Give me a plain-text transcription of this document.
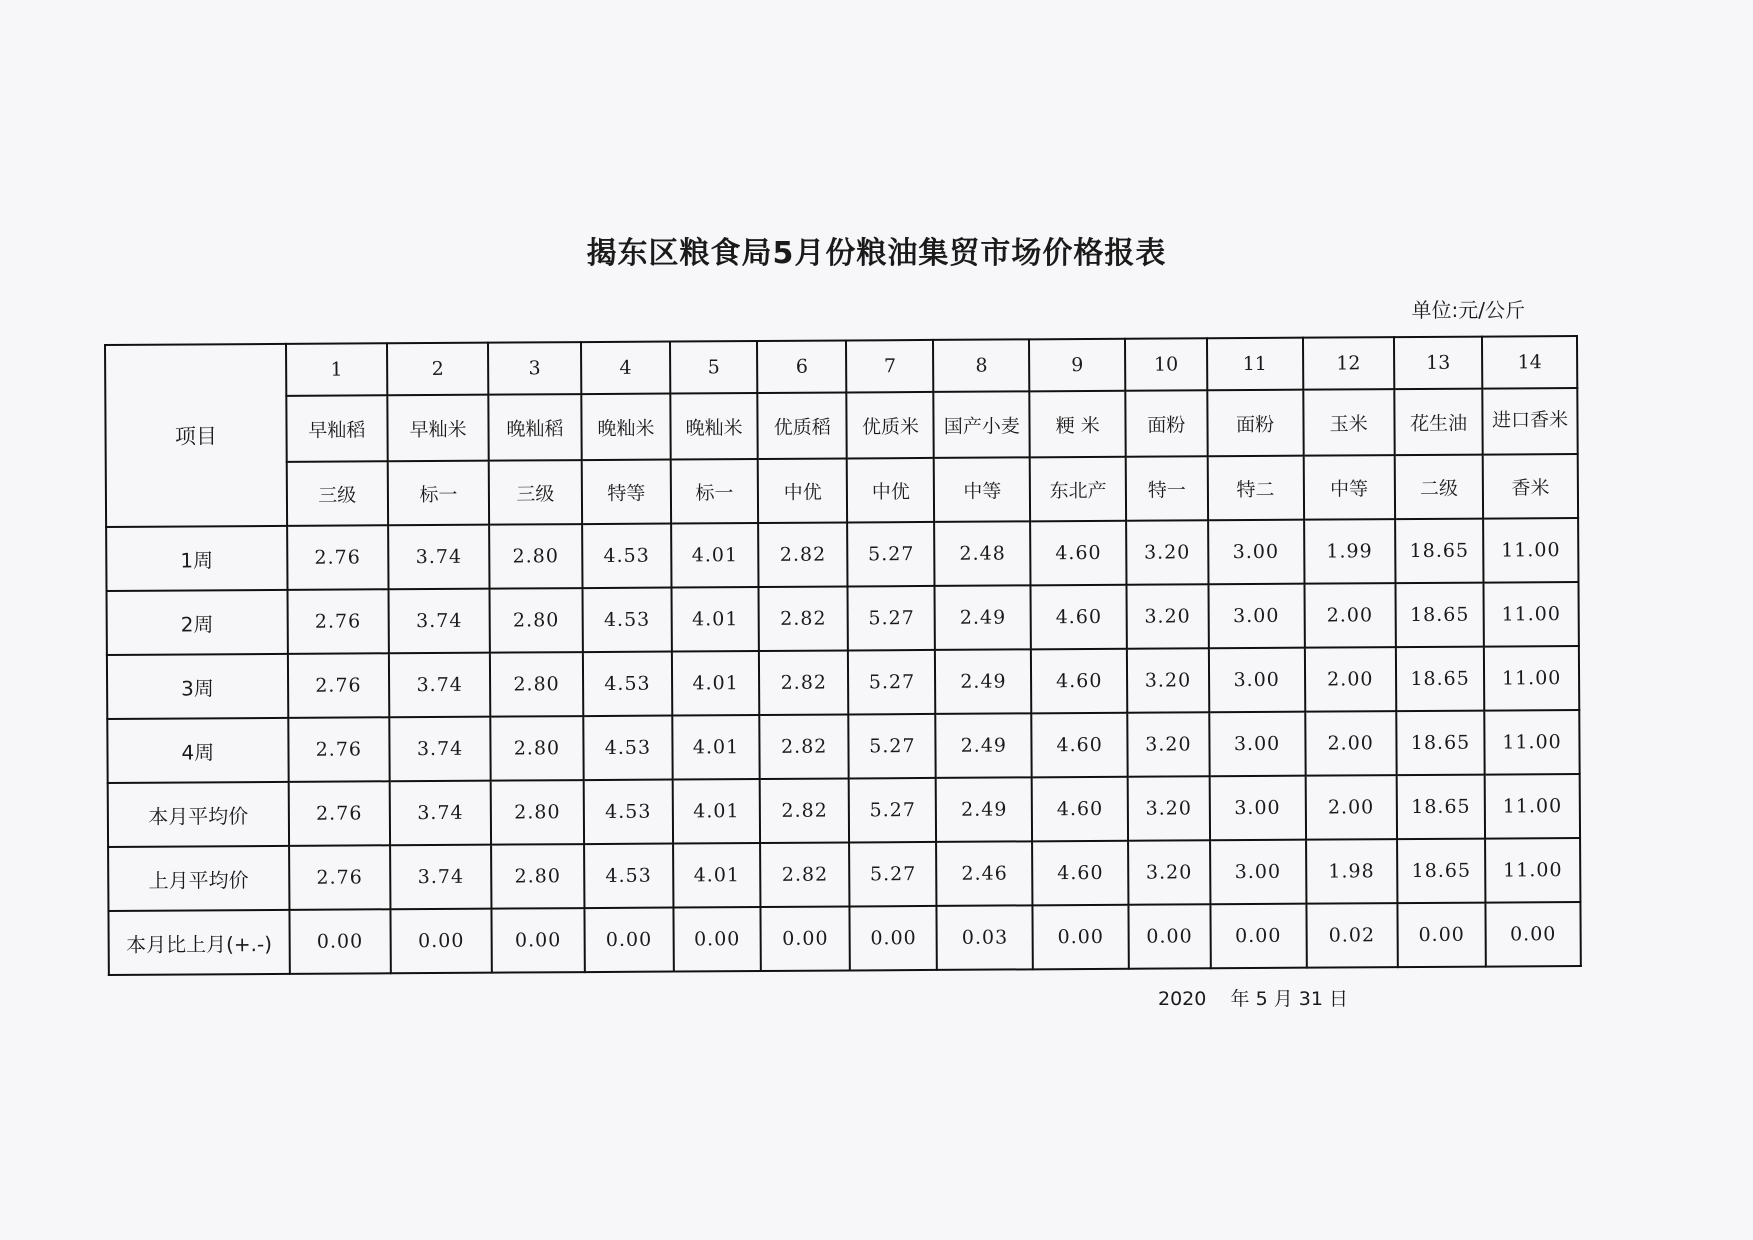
揭东区粮食局5月份粮油集贸市场价格报表
单位:元/公斤
项目	1	2	3	4	5	6	7	8	9	10	11	12	13	14
	早籼稻	早籼米	晚籼稻	晚籼米	晚籼米	优质稻	优质米	国产小麦	粳 米	面粉	面粉	玉米	花生油	进口香米
	三级	标一	三级	特等	标一	中优	中优	中等	东北产	特一	特二	中等	二级	香米
1周	2.76	3.74	2.80	4.53	4.01	2.82	5.27	2.48	4.60	3.20	3.00	1.99	18.65	11.00
2周	2.76	3.74	2.80	4.53	4.01	2.82	5.27	2.49	4.60	3.20	3.00	2.00	18.65	11.00
3周	2.76	3.74	2.80	4.53	4.01	2.82	5.27	2.49	4.60	3.20	3.00	2.00	18.65	11.00
4周	2.76	3.74	2.80	4.53	4.01	2.82	5.27	2.49	4.60	3.20	3.00	2.00	18.65	11.00
本月平均价	2.76	3.74	2.80	4.53	4.01	2.82	5.27	2.49	4.60	3.20	3.00	2.00	18.65	11.00
上月平均价	2.76	3.74	2.80	4.53	4.01	2.82	5.27	2.46	4.60	3.20	3.00	1.98	18.65	11.00
本月比上月(+.-)	0.00	0.00	0.00	0.00	0.00	0.00	0.00	0.03	0.00	0.00	0.00	0.02	0.00	0.00
2020    年 5 月 31 日
